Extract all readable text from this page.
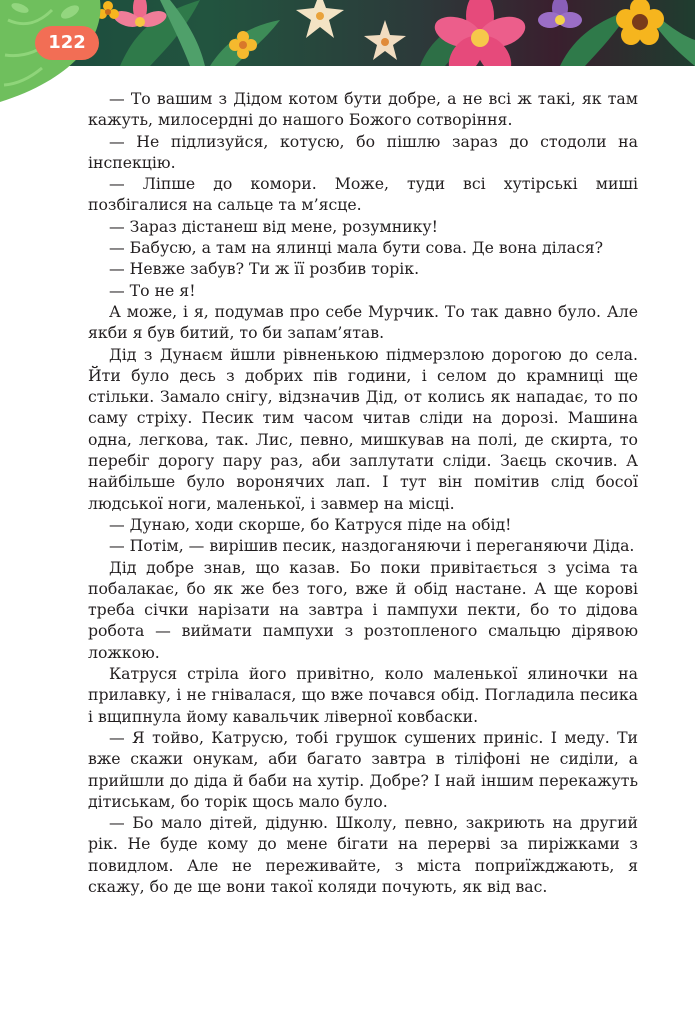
122

— То вашим з Дідом котом бути добре, а не всі ж такі, як там кажуть, милосердні до нашого Божого сотворіння.

— Не підлизуйся, котусю, бо пішлю зараз до стодоли на інспекцію.

— Ліпше до комори. Може, туди всі хутірські миші позбігалися на сальце та м’ясце.

— Зараз дістанеш від мене, розумнику!

— Бабусю, а там на ялинці мала бути сова. Де вона ділася?

— Невже забув? Ти ж її розбив торік.

— То не я!

А може, і я, подумав про себе Мурчик. То так давно було. Але якби я був битий, то би запам’ятав.

Дід з Дунаєм йшли рівненькою підмерзлою дорогою до села. Йти було десь з добрих пів години, і селом до крамниці ще стільки. Замало снігу, відзначив Дід, от колись як нападає, то по саму стріху. Песик тим часом читав сліди на дорозі. Машина одна, легкова, так. Лис, певно, мишкував на полі, де скирта, то перебіг дорогу пару раз, аби заплутати сліди. Заєць скочив. А найбільше було воронячих лап. І тут він помітив слід босої людської ноги, маленької, і завмер на місці.

— Дунаю, ходи скорше, бо Катруся піде на обід!

— Потім, — вирішив песик, наздоганяючи і переганяючи Діда.

Дід добре знав, що казав. Бо поки привітається з усіма та побалакає, бо як же без того, вже й обід настане. А ще корові треба січки нарізати на завтра і пампухи пекти, бо то дідова робота — виймати пампухи з розтопленого смальцю дірявою ложкою.

Катруся стріла його привітно, коло маленької ялиночки на прилавку, і не гнівалася, що вже почався обід. Погладила песика і вщипнула йому кавальчик ліверної ковбаски.

— Я тойво, Катрусю, тобі грушок сушених приніс. І меду. Ти вже скажи онукам, аби багато завтра в тіліфоні не сиділи, а прийшли до діда й баби на хутір. Добре? І най іншим перекажуть дітиськам, бо торік щось мало було.

— Бо мало дітей, дідуню. Школу, певно, закриють на другий рік. Не буде кому до мене бігати на перерві за пиріжками з повидлом. Але не переживайте, з міста поприїжджають, я скажу, бо де ще вони такої коляди почують, як від вас.
